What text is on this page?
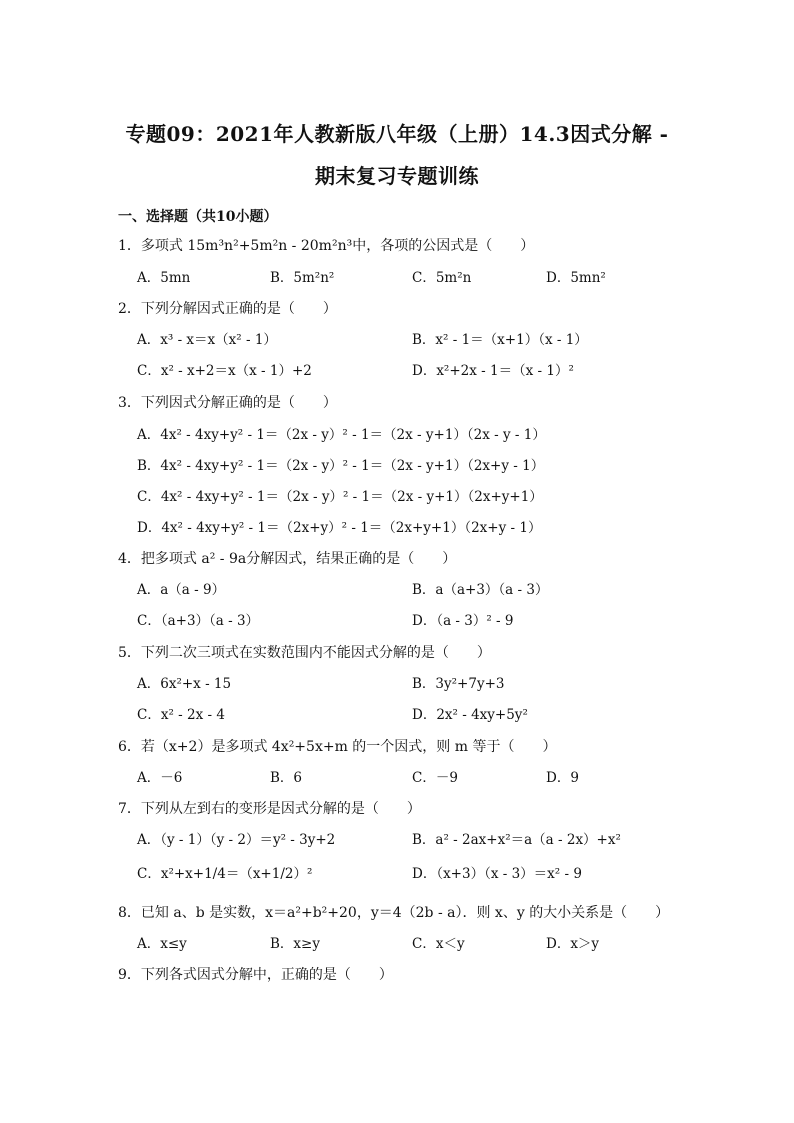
专题09：2021年人教新版八年级（上册）14.3因式分解 -
期末复习专题训练
一、选择题（共10小题）
1．多项式 15m³n²+5m²n - 20m²n³中，各项的公因式是（　　）
A．5mn	B．5m²n²	C．5m²n	D．5mn²
2．下列分解因式正确的是（　　）
A．x³ - x＝x（x² - 1）	B．x² - 1＝（x+1）（x - 1）
C．x² - x+2＝x（x - 1）+2	D．x²+2x - 1＝（x - 1）²
3．下列因式分解正确的是（　　）
A．4x² - 4xy+y² - 1＝（2x - y）² - 1＝（2x - y+1）（2x - y - 1）
B．4x² - 4xy+y² - 1＝（2x - y）² - 1＝（2x - y+1）（2x+y - 1）
C．4x² - 4xy+y² - 1＝（2x - y）² - 1＝（2x - y+1）（2x+y+1）
D．4x² - 4xy+y² - 1＝（2x+y）² - 1＝（2x+y+1）（2x+y - 1）
4．把多项式 a² - 9a分解因式，结果正确的是（　　）
A．a（a - 9）	B．a（a+3）（a - 3）
C．（a+3）（a - 3）	D．（a - 3）² - 9
5．下列二次三项式在实数范围内不能因式分解的是（　　）
A．6x²+x - 15	B．3y²+7y+3
C．x² - 2x - 4	D．2x² - 4xy+5y²
6．若（x+2）是多项式 4x²+5x+m 的一个因式，则 m 等于（　　）
A．－6	B．6	C．－9	D．9
7．下列从左到右的变形是因式分解的是（　　）
A．（y - 1）（y - 2）＝y² - 3y+2	B．a² - 2ax+x²＝a（a - 2x）+x²
C．x²+x+1/4＝（x+1/2）²	D．（x+3）（x - 3）＝x² - 9
8．已知 a、b 是实数，x＝a²+b²+20，y＝4（2b - a）．则 x、y 的大小关系是（　　）
A．x≤y	B．x≥y	C．x＜y	D．x＞y
9．下列各式因式分解中，正确的是（　　）
